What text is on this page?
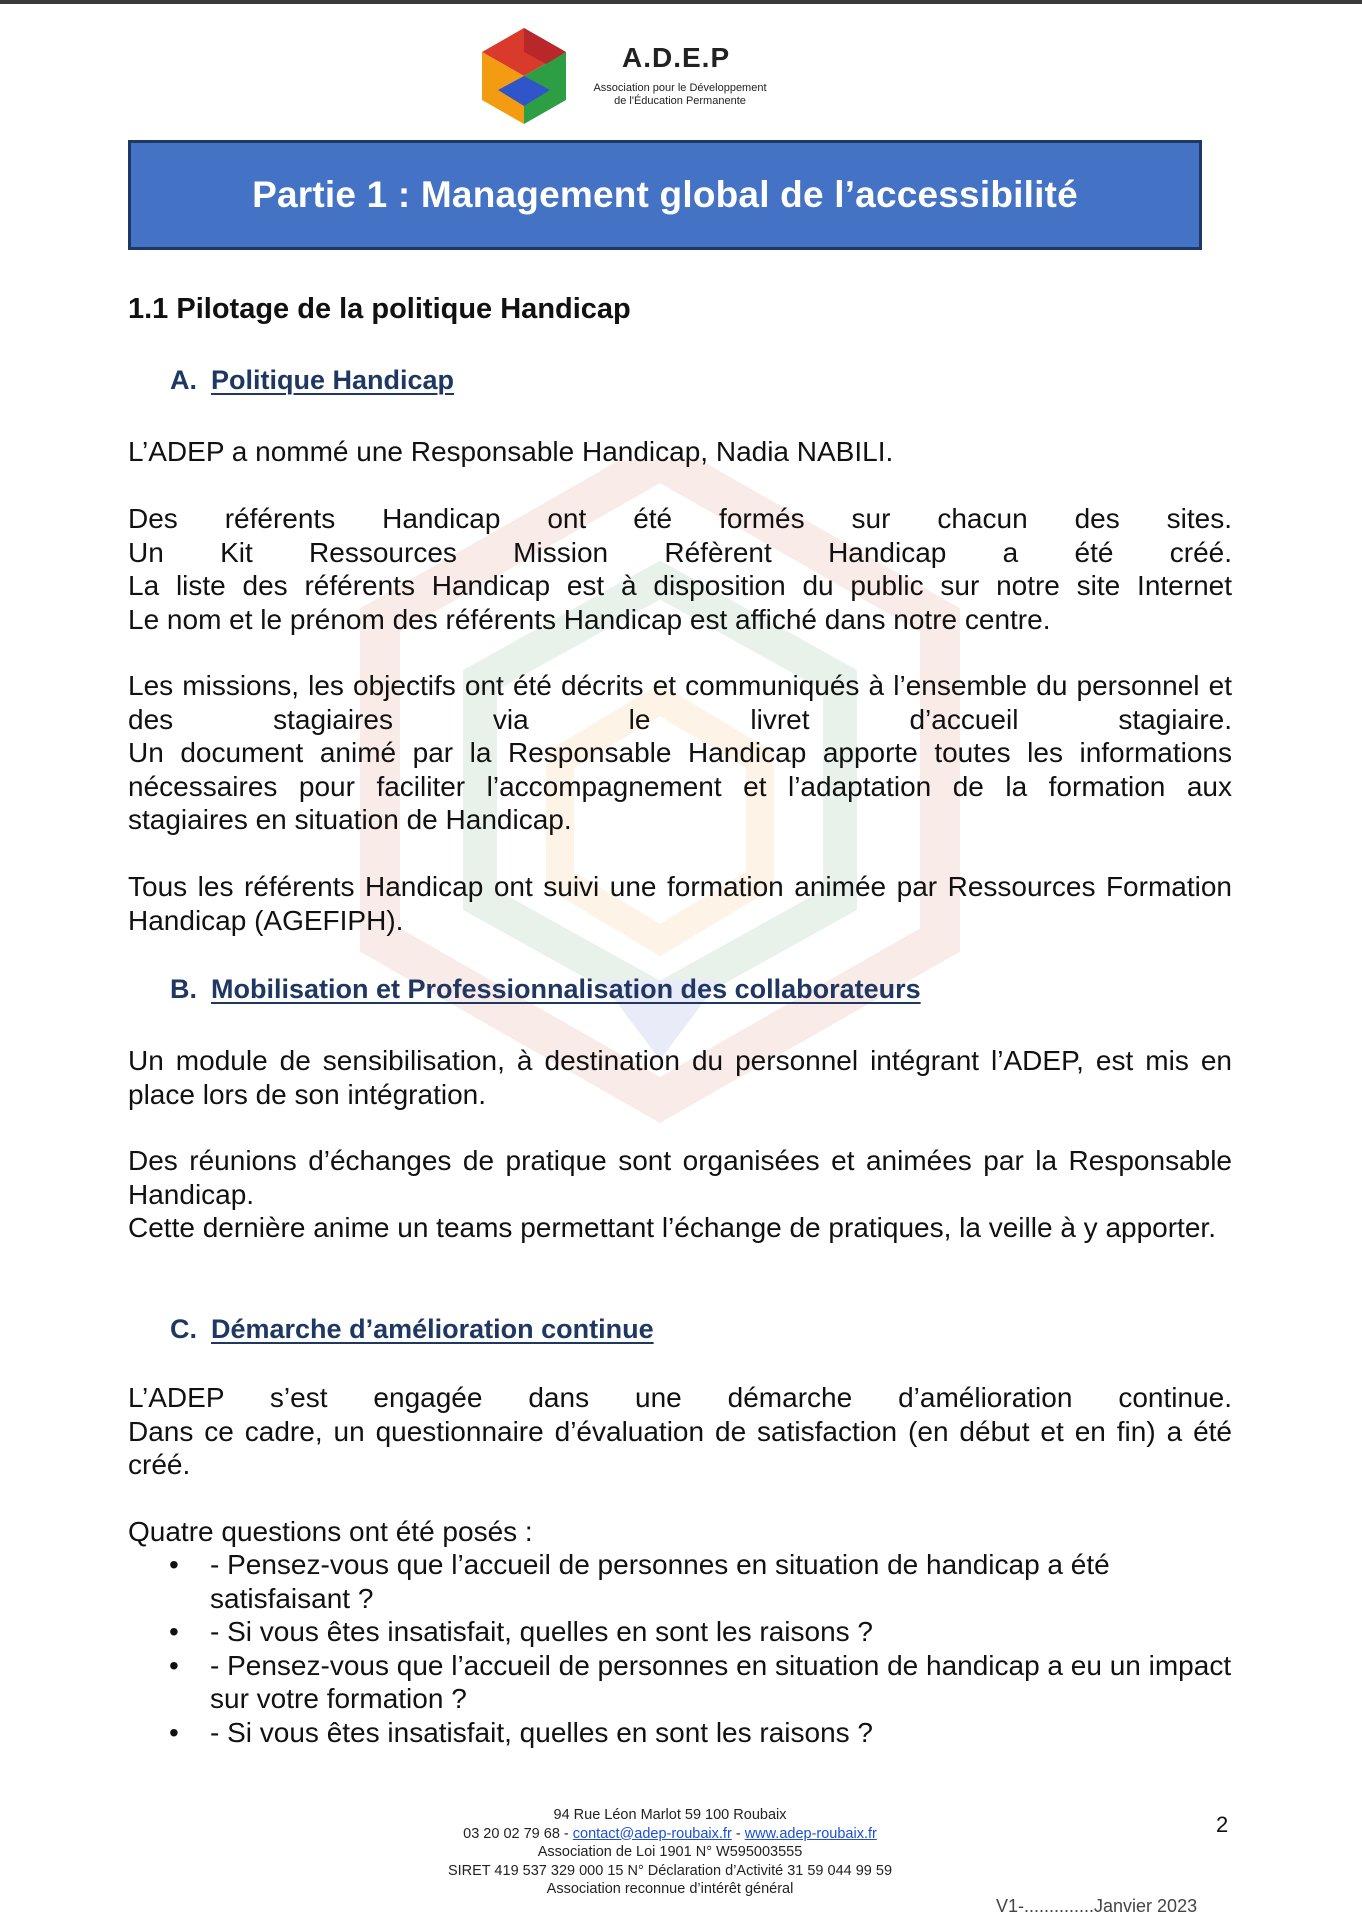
A.D.E.P
Association pour le Développement
de l'Éducation Permanente
Partie 1 : Management global de l’accessibilité
1.1 Pilotage de la politique Handicap
A. Politique Handicap

L’ADEP a nommé une Responsable Handicap, Nadia NABILI.

Des référents Handicap ont été formés sur chacun des sites.

Un Kit Ressources Mission Réfèrent Handicap a été créé.

La liste des référents Handicap est à disposition du public sur notre site Internet

Le nom et le prénom des référents Handicap est affiché dans notre centre.

Les missions, les objectifs ont été décrits et communiqués à l’ensemble du personnel et des stagiaires via le livret d’accueil stagiaire.

Un document animé par la Responsable Handicap apporte toutes les informations nécessaires pour faciliter l’accompagnement et l’adaptation de la formation aux stagiaires en situation de Handicap.

Tous les référents Handicap ont suivi une formation animée par Ressources Formation Handicap (AGEFIPH).

B. Mobilisation et Professionnalisation des collaborateurs

Un module de sensibilisation, à destination du personnel intégrant l’ADEP, est mis en place lors de son intégration.

Des réunions d’échanges de pratique sont organisées et animées par la Responsable Handicap.

Cette dernière anime un teams permettant l’échange de pratiques, la veille à y apporter.

C. Démarche d’amélioration continue

L’ADEP s’est engagée dans une démarche d’amélioration continue.

Dans ce cadre, un questionnaire d’évaluation de satisfaction (en début et en fin) a été créé.

Quatre questions ont été posés :

• - Pensez-vous que l’accueil de personnes en situation de handicap a été satisfaisant ?
• - Si vous êtes insatisfait, quelles en sont les raisons ?
• - Pensez-vous que l’accueil de personnes en situation de handicap a eu un impact sur votre formation ?
• - Si vous êtes insatisfait, quelles en sont les raisons ?
94 Rue Léon Marlot 59 100 Roubaix
03 20 02 79 68 - contact@adep-roubaix.fr - www.adep-roubaix.fr
Association de Loi 1901 N° W595003555
SIRET 419 537 329 000 15 N° Déclaration d’Activité 31 59 044 99 59
Association reconnue d’intérêt général
2
V1-..............Janvier 2023
